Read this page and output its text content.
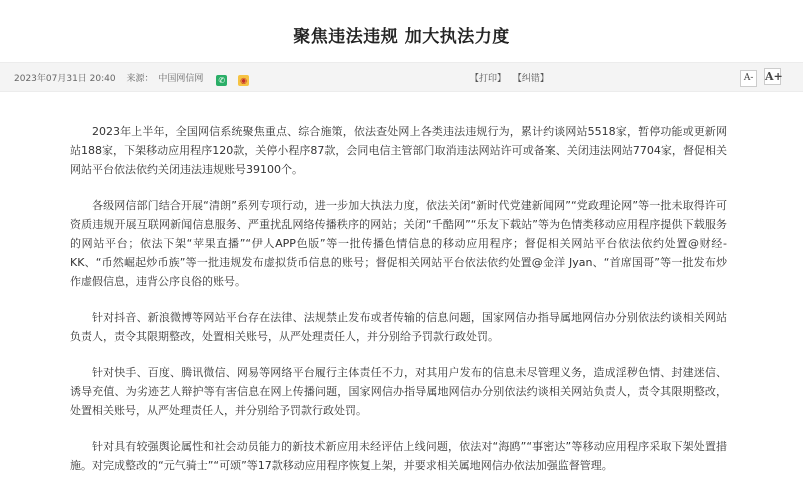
聚焦违法违规 加大执法力度
2023年07月31日 20:40 来源： 中国网信网 ✆ ◉	【打印】 【纠错】	A- A+

2023年上半年，全国网信系统聚焦重点、综合施策，依法查处网上各类违法违规行为，累计约谈网站5518家，暂停功能或更新网站188家，下架移动应用程序120款，关停小程序87款，会同电信主管部门取消违法网站许可或备案、关闭违法网站7704家，督促相关网站平台依法依约关闭违法违规账号39100个。

各级网信部门结合开展“清朗”系列专项行动，进一步加大执法力度，依法关闭“新时代党建新闻网”“党政理论网”等一批未取得许可资质违规开展互联网新闻信息服务、严重扰乱网络传播秩序的网站；关闭“千酷网”“乐友下载站”等为色情类移动应用程序提供下载服务的网站平台；依法下架“苹果直播”“伊人APP色版”等一批传播色情信息的移动应用程序；督促相关网站平台依法依约处置@财经-KK、“币然崛起炒币族”等一批违规发布虚拟货币信息的账号；督促相关网站平台依法依约处置@金洋 Jyan、“首席国哥”等一批发布炒作虚假信息，违背公序良俗的账号。

针对抖音、新浪微博等网站平台存在法律、法规禁止发布或者传输的信息问题，国家网信办指导属地网信办分别依法约谈相关网站负责人，责令其限期整改，处置相关账号，从严处理责任人，并分别给予罚款行政处罚。

针对快手、百度、腾讯微信、网易等网络平台履行主体责任不力，对其用户发布的信息未尽管理义务，造成淫秽色情、封建迷信、诱导充值、为劣迹艺人辩护等有害信息在网上传播问题，国家网信办指导属地网信办分别依法约谈相关网站负责人，责令其限期整改，处置相关账号，从严处理责任人，并分别给予罚款行政处罚。

针对具有较强舆论属性和社会动员能力的新技术新应用未经评估上线问题，依法对“海鸥”“事密达”等移动应用程序采取下架处置措施。对完成整改的“元气骑士”“可颂”等17款移动应用程序恢复上架，并要求相关属地网信办依法加强监督管理。
